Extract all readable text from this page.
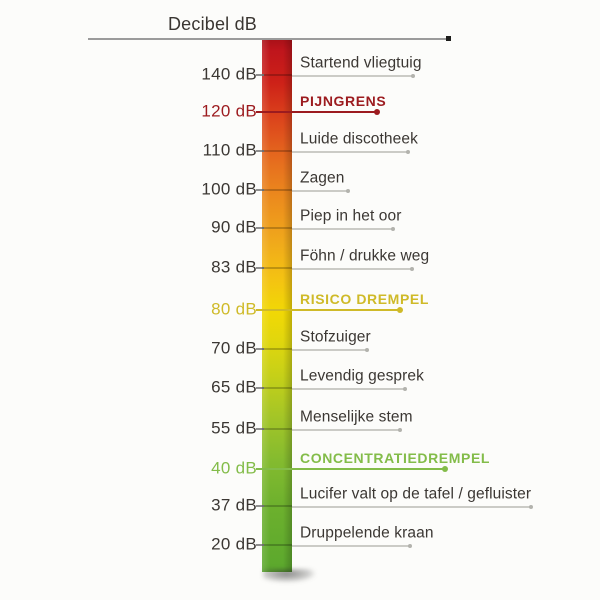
Decibel dB
140 dB
Startend vliegtuig
120 dB
PIJNGRENS
110 dB
Luide discotheek
100 dB
Zagen
90 dB
Piep in het oor
83 dB
Föhn / drukke weg
80 dB
RISICO DREMPEL
70 dB
Stofzuiger
65 dB
Levendig gesprek
55 dB
Menselijke stem
40 dB
CONCENTRATIEDREMPEL
37 dB
Lucifer valt op de tafel / gefluister
20 dB
Druppelende kraan
